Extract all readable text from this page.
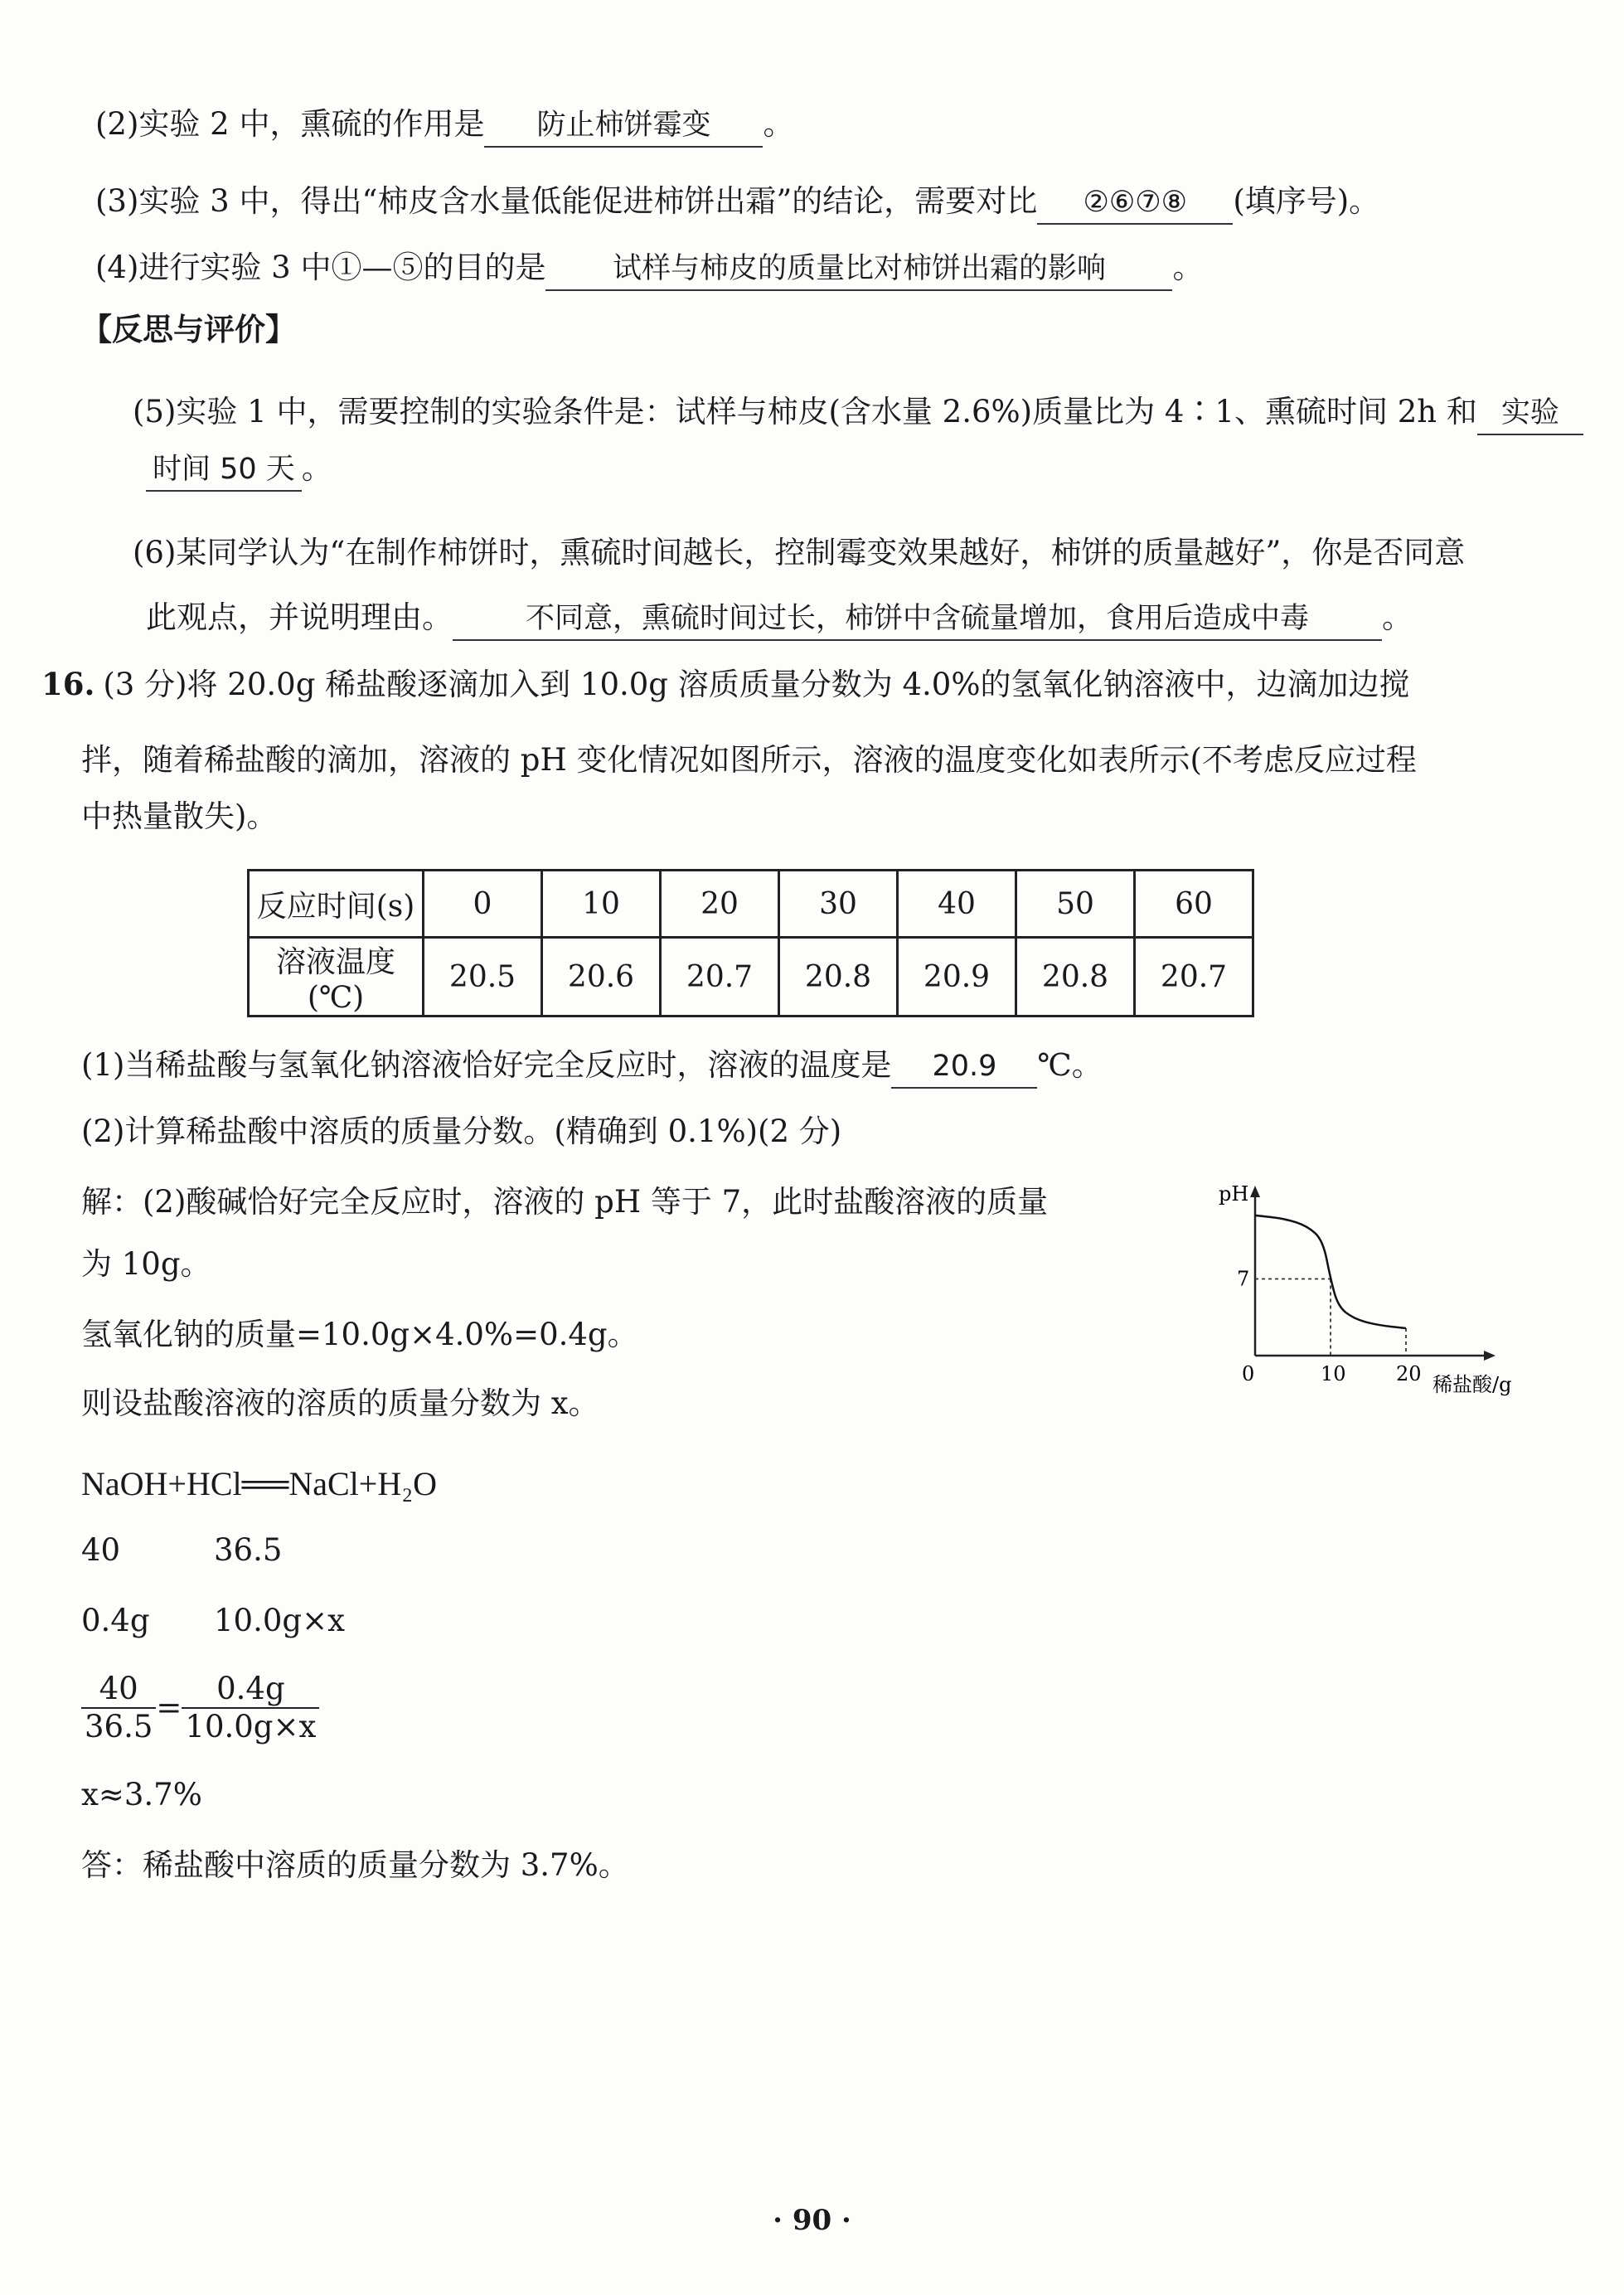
(2)实验 2 中，熏硫的作用是 防止柿饼霉变 。
(3)实验 3 中，得出“柿皮含水量低能促进柿饼出霜”的结论，需要对比 ②⑥⑦⑧ (填序号)。
(4)进行实验 3 中①—⑤的目的是 试样与柿皮的质量比对柿饼出霜的影响 。
【反思与评价】
(5)实验 1 中，需要控制的实验条件是：试样与柿皮(含水量 2.6%)质量比为 4∶1、熏硫时间 2h 和 实验
时间 50 天 。
(6)某同学认为“在制作柿饼时，熏硫时间越长，控制霉变效果越好，柿饼的质量越好”，你是否同意
此观点，并说明理由。	不同意，熏硫时间过长，柿饼中含硫量增加，食用后造成中毒 。
16. (3 分)将 20.0g 稀盐酸逐滴加入到 10.0g 溶质质量分数为 4.0%的氢氧化钠溶液中，边滴加边搅
拌，随着稀盐酸的滴加，溶液的 pH 变化情况如图所示，溶液的温度变化如表所示(不考虑反应过程
中热量散失)。
反应时间(s)	0	10	20	30	40	50	60
溶液温度(℃)	20.5	20.6	20.7	20.8	20.9	20.8	20.7
(1)当稀盐酸与氢氧化钠溶液恰好完全反应时，溶液的温度是 20.9 ℃。
(2)计算稀盐酸中溶质的质量分数。(精确到 0.1%)(2 分)
解：(2)酸碱恰好完全反应时，溶液的 pH 等于 7，此时盐酸溶液的质量
为 10g。
氢氧化钠的质量=10.0g×4.0%=0.4g。
则设盐酸溶液的溶质的质量分数为 x。
NaOH+HCl══NaCl+H₂O
40	36.5
0.4g 10.0g×x
$\frac{40}{36.5} = \frac{0.4g}{10.0g\times x}$
x≈3.7%
答：稀盐酸中溶质的质量分数为 3.7%。
pH
稀盐酸/g
0	10	20
7
· 90 ·
